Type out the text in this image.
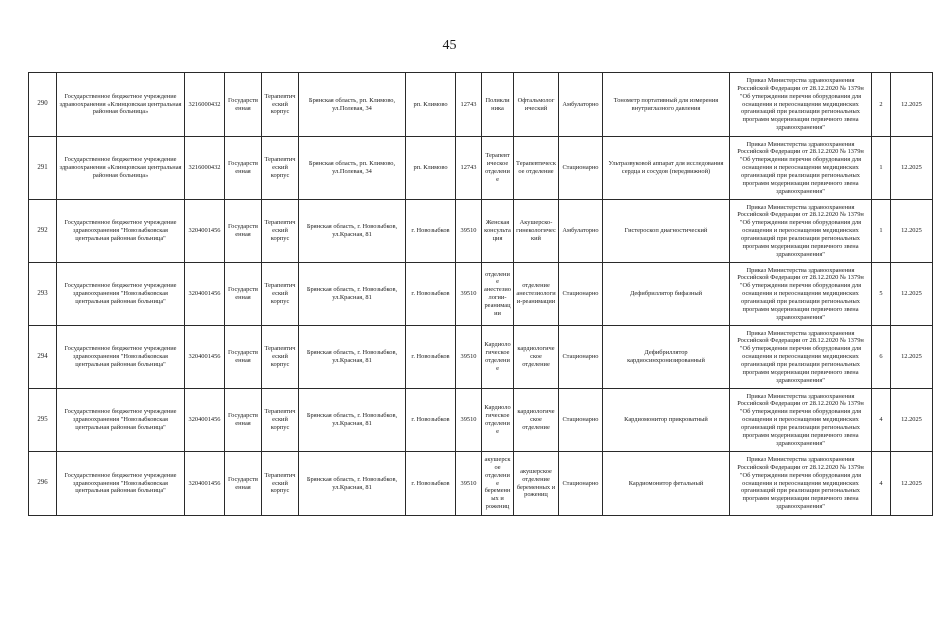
45
290	Государственное бюджетное учреждение здравоохранения «Клинцовская центральная районная больница»	3216000432	Государственная	Терапевтический корпус	Брянская область, рп. Климово, ул.Полевая, 34	рп. Климово	12743	Поликлиника	Офтальмологический	Амбулаторно	Тонометр портативный для измерения внутриглазного давления	Приказ Министерства здравоохранения Российской Федерации от 28.12.2020 № 1379н "Об утверждении перечня оборудования для оснащения и переоснащения медицинских организаций при реализации региональных программ модернизации первичного звена здравоохранения"	2	12.2025
291	Государственное бюджетное учреждение здравоохранения «Клинцовская центральная районная больница»	3216000432	Государственная	Терапевтический корпус	Брянская область, рп. Климово, ул.Полевая, 34	рп. Климово	12743	Терапевтическое отделение	Терапевтическое отделение	Стационарно	Ультразвуковой аппарат для исследования сердца и сосудов (передвижной)	Приказ Министерства здравоохранения Российской Федерации от 28.12.2020 № 1379н "Об утверждении перечня оборудования для оснащения и переоснащения медицинских организаций при реализации региональных программ модернизации первичного звена здравоохранения"	1	12.2025
292	Государственное бюджетное учреждение здравоохранения "Новозыбковская центральная районная больница"	3204001456	Государственная	Терапевтический корпус	Брянская область, г. Новозыбков, ул.Красная, 81	г. Новозыбков	39510	Женская консультация	Акушерско-гинекологический	Амбулаторно	Гистероскоп диагностический	Приказ Министерства здравоохранения Российской Федерации от 28.12.2020 № 1379н "Об утверждении перечня оборудования для оснащения и переоснащения медицинских организаций при реализации региональных программ модернизации первичного звена здравоохранения"	1	12.2025
293	Государственное бюджетное учреждение здравоохранения "Новозыбковская центральная районная больница"	3204001456	Государственная	Терапевтический корпус	Брянская область, г. Новозыбков, ул.Красная, 81	г. Новозыбков	39510	отделение анестезиологии-реанимации	отделение анестезиологии-реанимации	Стационарно	Дефибриллятор бифазный	Приказ Министерства здравоохранения Российской Федерации от 28.12.2020 № 1379н "Об утверждении перечня оборудования для оснащения и переоснащения медицинских организаций при реализации региональных программ модернизации первичного звена здравоохранения"	5	12.2025
294	Государственное бюджетное учреждение здравоохранения "Новозыбковская центральная районная больница"	3204001456	Государственная	Терапевтический корпус	Брянская область, г. Новозыбков, ул.Красная, 81	г. Новозыбков	39510	Кардиологическое отделение	кардиологическое отделение	Стационарно	Дефибриллятор кардиосинхронизированный	Приказ Министерства здравоохранения Российской Федерации от 28.12.2020 № 1379н "Об утверждении перечня оборудования для оснащения и переоснащения медицинских организаций при реализации региональных программ модернизации первичного звена здравоохранения"	6	12.2025
295	Государственное бюджетное учреждение здравоохранения "Новозыбковская центральная районная больница"	3204001456	Государственная	Терапевтический корпус	Брянская область, г. Новозыбков, ул.Красная, 81	г. Новозыбков	39510	Кардиологическое отделение	кардиологическое отделение	Стационарно	Кардиомонитор прикроватный	Приказ Министерства здравоохранения Российской Федерации от 28.12.2020 № 1379н "Об утверждении перечня оборудования для оснащения и переоснащения медицинских организаций при реализации региональных программ модернизации первичного звена здравоохранения"	4	12.2025
296	Государственное бюджетное учреждение здравоохранения "Новозыбковская центральная районная больница"	3204001456	Государственная	Терапевтический корпус	Брянская область, г. Новозыбков, ул.Красная, 81	г. Новозыбков	39510	акушерское отделение беременных и рожениц	акушерское отделение беременных и рожениц	Стационарно	Кардиомонитор фетальный	Приказ Министерства здравоохранения Российской Федерации от 28.12.2020 № 1379н "Об утверждении перечня оборудования для оснащения и переоснащения медицинских организаций при реализации региональных программ модернизации первичного звена здравоохранения"	4	12.2025
